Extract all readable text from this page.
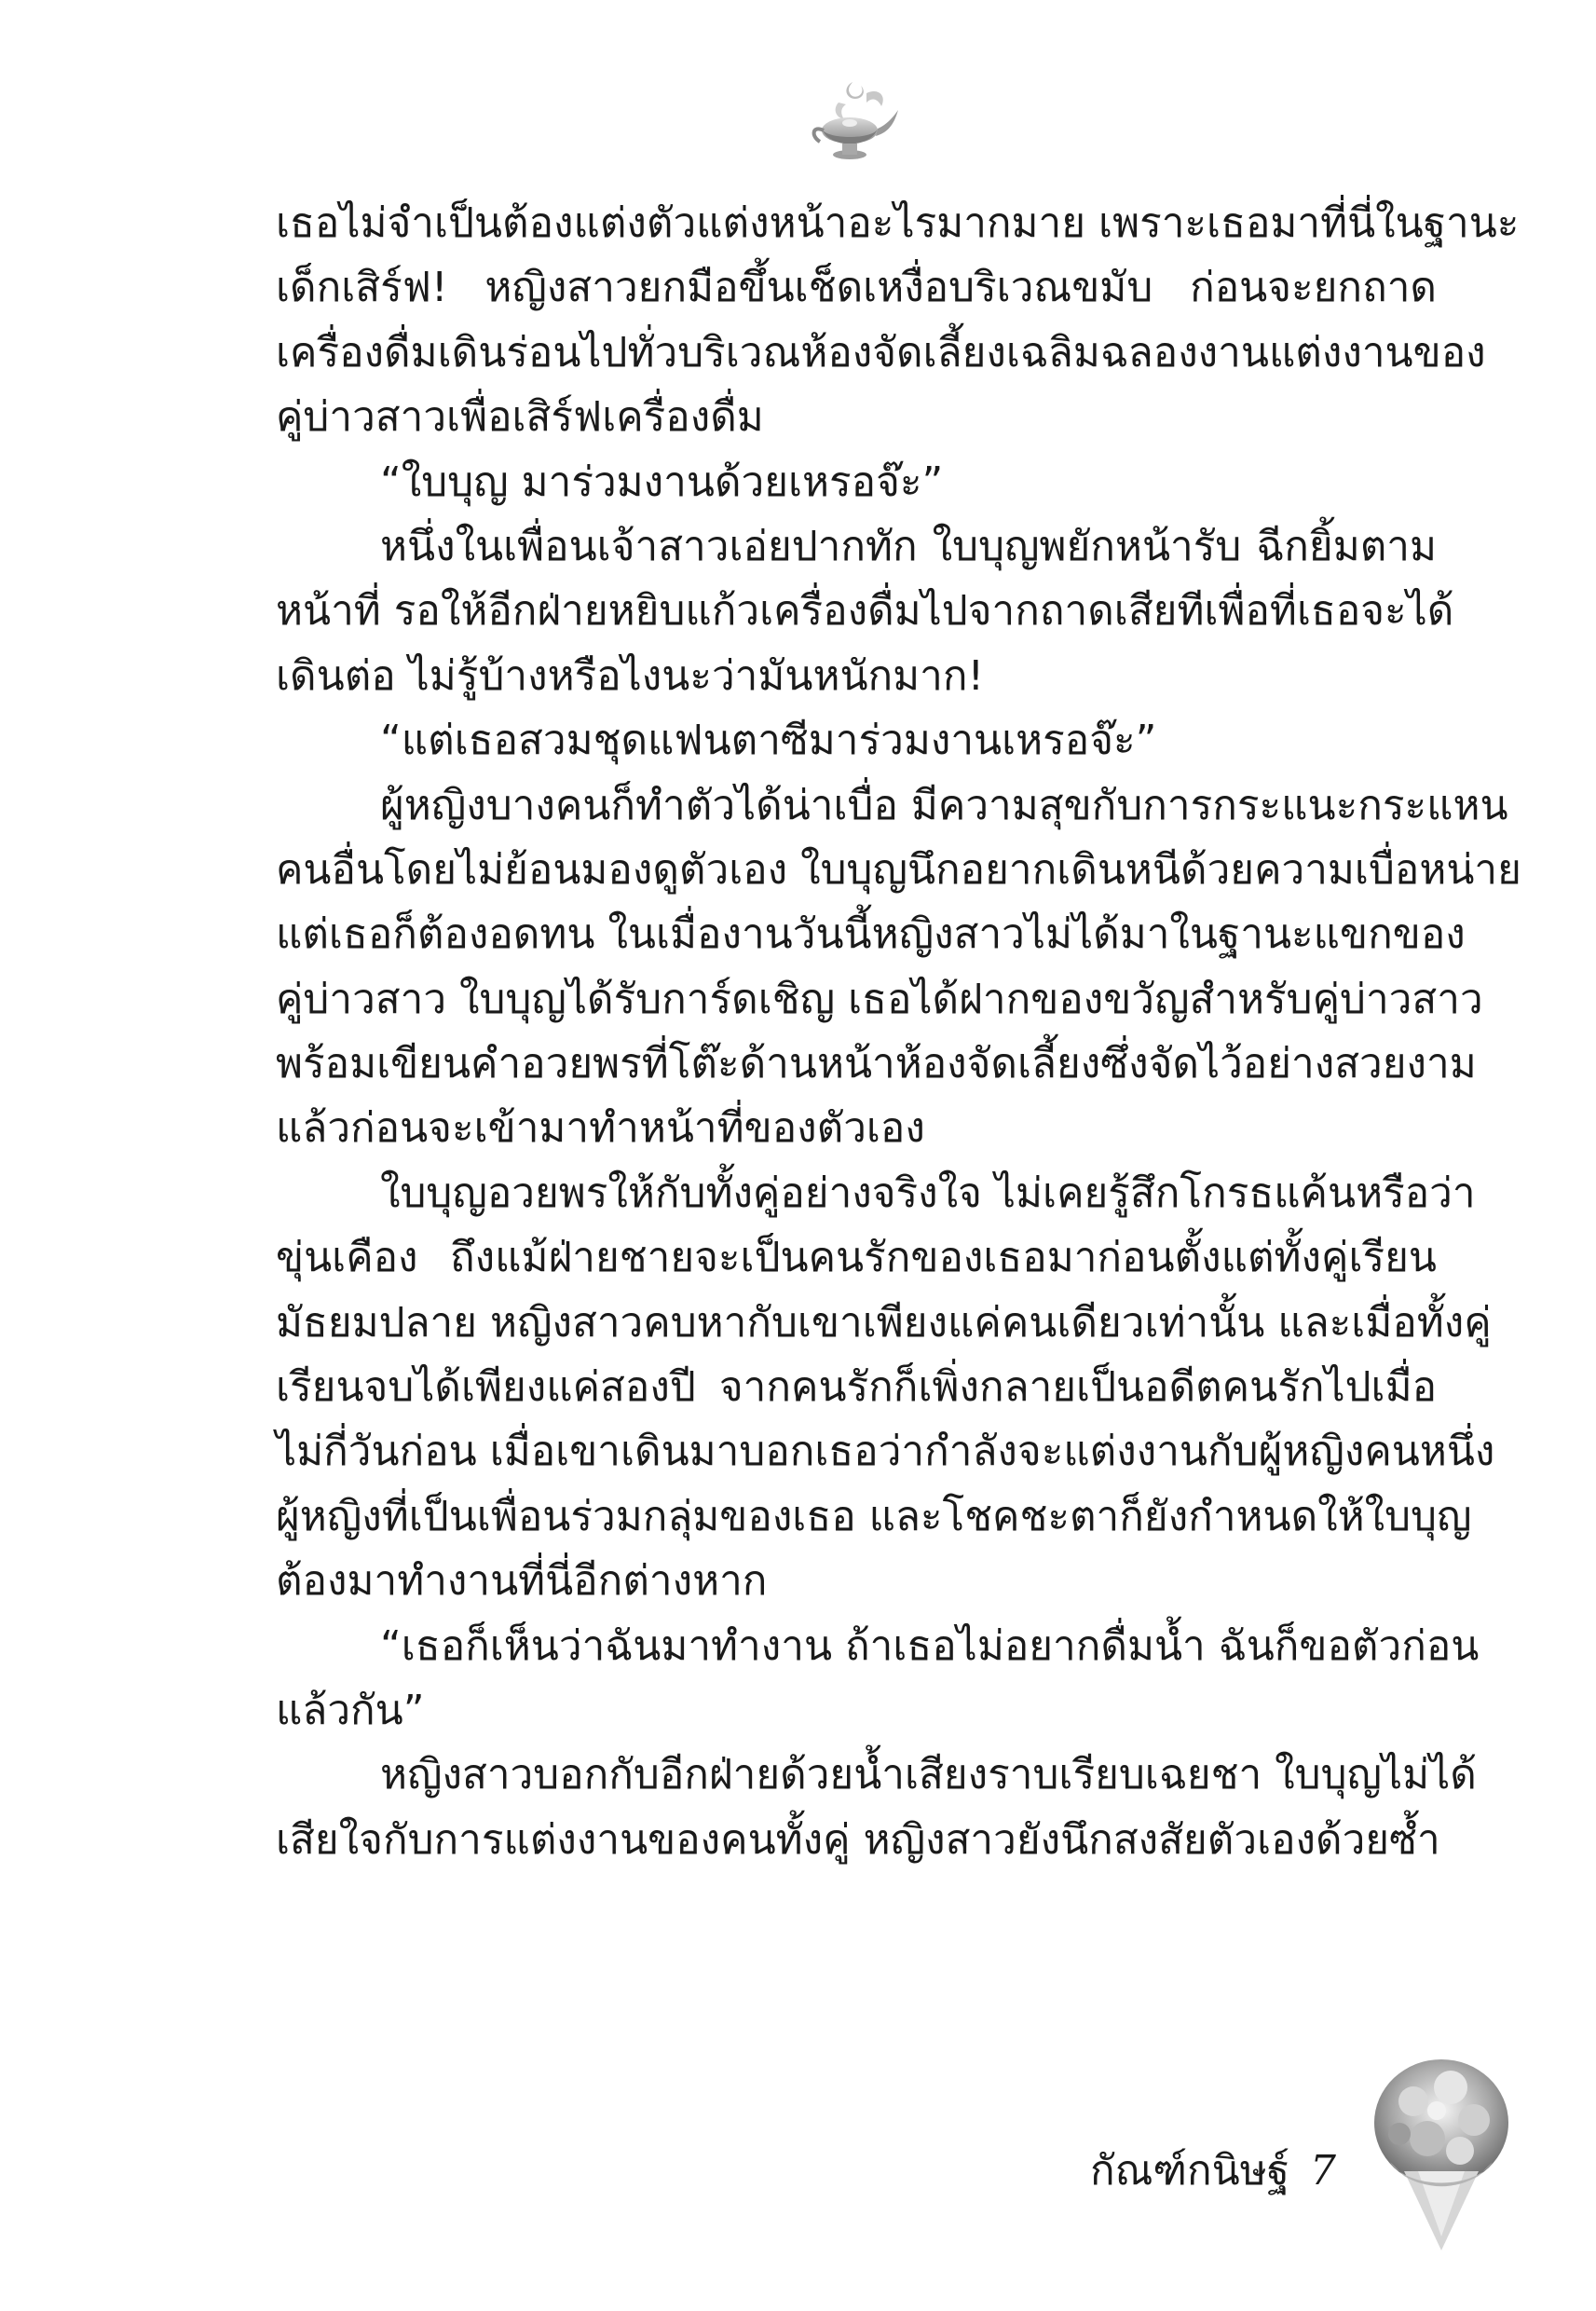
เธอไม่จำเป็นต้องแต่งตัวแต่งหน้าอะไรมากมาย เพราะเธอมาที่นี่ในฐานะ
เด็กเสิร์ฟ! หญิงสาวยกมือขึ้นเช็ดเหงื่อบริเวณขมับ ก่อนจะยกถาด
เครื่องดื่มเดินร่อนไปทั่วบริเวณห้องจัดเลี้ยงเฉลิมฉลองงานแต่งงานของ
คู่บ่าวสาวเพื่อเสิร์ฟเครื่องดื่ม
“ใบบุญ มาร่วมงานด้วยเหรอจ๊ะ”
หนึ่งในเพื่อนเจ้าสาวเอ่ยปากทัก ใบบุญพยักหน้ารับ ฉีกยิ้มตาม
หน้าที่ รอให้อีกฝ่ายหยิบแก้วเครื่องดื่มไปจากถาดเสียทีเพื่อที่เธอจะได้
เดินต่อ ไม่รู้บ้างหรือไงนะว่ามันหนักมาก!
“แต่เธอสวมชุดแฟนตาซีมาร่วมงานเหรอจ๊ะ”
ผู้หญิงบางคนก็ทำตัวได้น่าเบื่อ มีความสุขกับการกระแนะกระแหน
คนอื่นโดยไม่ย้อนมองดูตัวเอง ใบบุญนึกอยากเดินหนีด้วยความเบื่อหน่าย
แต่เธอก็ต้องอดทน ในเมื่องานวันนี้หญิงสาวไม่ได้มาในฐานะแขกของ
คู่บ่าวสาว ใบบุญได้รับการ์ดเชิญ เธอได้ฝากของขวัญสำหรับคู่บ่าวสาว
พร้อมเขียนคำอวยพรที่โต๊ะด้านหน้าห้องจัดเลี้ยงซึ่งจัดไว้อย่างสวยงาม
แล้วก่อนจะเข้ามาทำหน้าที่ของตัวเอง
ใบบุญอวยพรให้กับทั้งคู่อย่างจริงใจ ไม่เคยรู้สึกโกรธแค้นหรือว่า
ขุ่นเคือง ถึงแม้ฝ่ายชายจะเป็นคนรักของเธอมาก่อนตั้งแต่ทั้งคู่เรียน
มัธยมปลาย หญิงสาวคบหากับเขาเพียงแค่คนเดียวเท่านั้น และเมื่อทั้งคู่
เรียนจบได้เพียงแค่สองปี จากคนรักก็เพิ่งกลายเป็นอดีตคนรักไปเมื่อ
ไม่กี่วันก่อน เมื่อเขาเดินมาบอกเธอว่ากำลังจะแต่งงานกับผู้หญิงคนหนึ่ง
ผู้หญิงที่เป็นเพื่อนร่วมกลุ่มของเธอ และโชคชะตาก็ยังกำหนดให้ใบบุญ
ต้องมาทำงานที่นี่อีกต่างหาก
“เธอก็เห็นว่าฉันมาทำงาน ถ้าเธอไม่อยากดื่มน้ำ ฉันก็ขอตัวก่อน
แล้วกัน”
หญิงสาวบอกกับอีกฝ่ายด้วยน้ำเสียงราบเรียบเฉยชา ใบบุญไม่ได้
เสียใจกับการแต่งงานของคนทั้งคู่ หญิงสาวยังนึกสงสัยตัวเองด้วยซ้ำ
กัณฑ์กนิษฐ์ 7
